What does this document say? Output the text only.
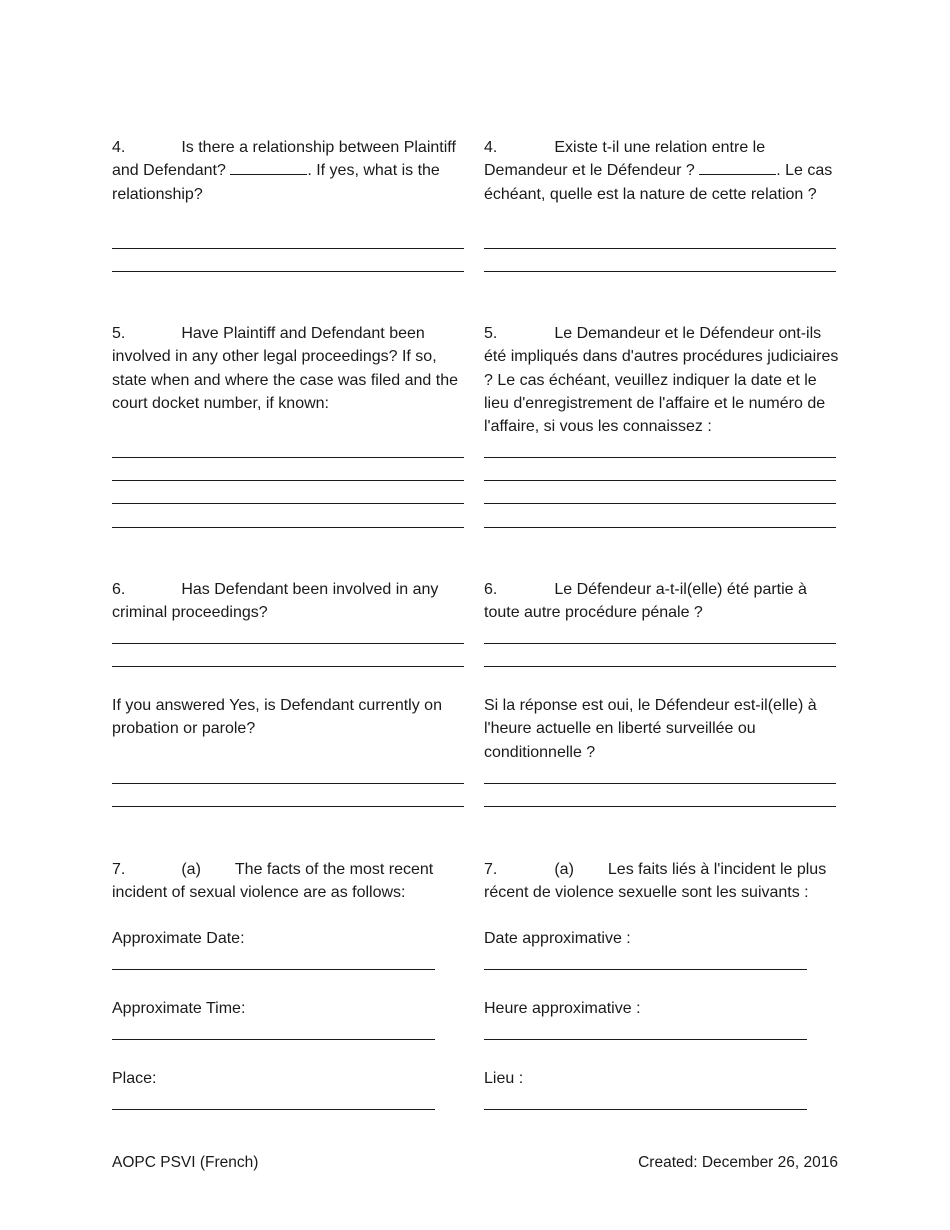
4.	Is there a relationship between Plaintiff and Defendant?	. If yes, what is the relationship?
4.	Existe t-il une relation entre le Demandeur et le Défendeur ?	. Le cas échéant, quelle est la nature de cette relation ?
5.	Have Plaintiff and Defendant been involved in any other legal proceedings? If so, state when and where the case was filed and the court docket number, if known:
5.	Le Demandeur et le Défendeur ont-ils été impliqués dans d'autres procédures judiciaires ? Le cas échéant, veuillez indiquer la date et le lieu d'enregistrement de l'affaire et le numéro de l'affaire, si vous les connaissez :
6.	Has Defendant been involved in any criminal proceedings?
6.	Le Défendeur a-t-il(elle) été partie à toute autre procédure pénale ?
If you answered Yes, is Defendant currently on probation or parole?
Si la réponse est oui, le Défendeur est-il(elle) à l'heure actuelle en liberté surveillée ou conditionnelle ?
7.	(a) The facts of the most recent incident of sexual violence are as follows:
7.	(a) Les faits liés à l'incident le plus récent de violence sexuelle sont les suivants :
Approximate Date:	Date approximative :
Approximate Time:	Heure approximative :
Place:	Lieu :
AOPC PSVI (French)	Created: December 26, 2016
